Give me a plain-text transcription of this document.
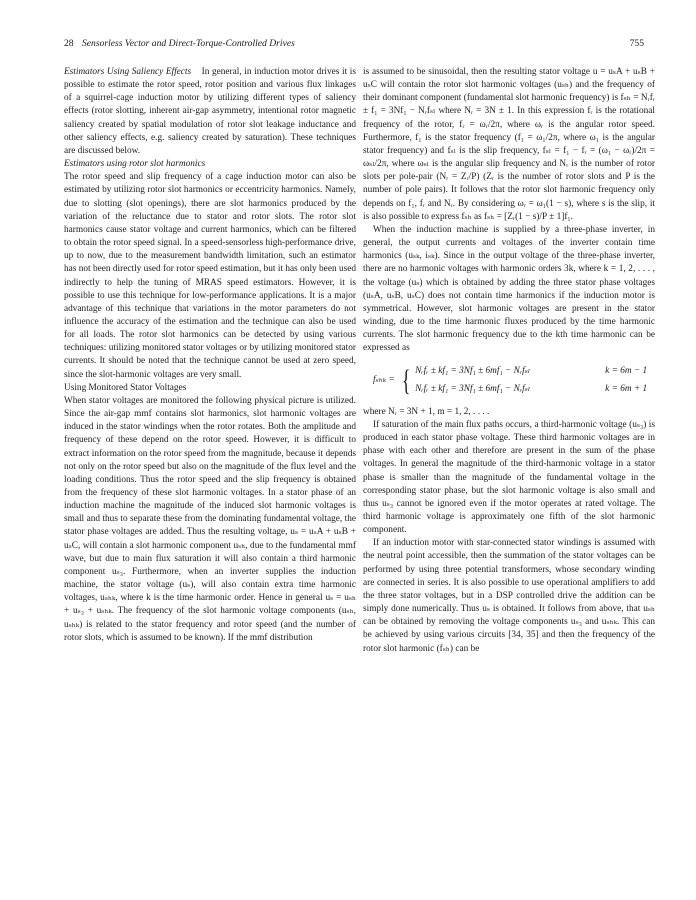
28 Sensorless Vector and Direct-Torque-Controlled Drives	755

Estimators Using Saliency Effects In general, in induction motor drives it is possible to estimate the rotor speed, rotor position and various flux linkages of a squirrel-cage induction motor by utilizing different types of saliency effects (rotor slotting, inherent air-gap asymmetry, intentional rotor magnetic saliency created by spatial modulation of rotor slot leakage inductance and other saliency effects, e.g. saliency created by saturation). These techniques are discussed below.

Estimators using rotor slot harmonics

The rotor speed and slip frequency of a cage induction motor can also be estimated by utilizing rotor slot harmonics or eccentricity harmonics. Namely, due to slotting (slot openings), there are slot harmonics produced by the variation of the reluctance due to stator and rotor slots. The rotor slot harmonics cause stator voltage and current harmonics, which can be filtered to obtain the rotor speed signal. In a speed-sensorless high-performance drive, up to now, due to the measurement bandwidth limitation, such an estimator has not been directly used for rotor speed estimation, but it has only been used indirectly to help the tuning of MRAS speed estimators. However, it is possible to use this technique for low-performance applications. It is a major advantage of this technique that variations in the motor parameters do not influence the accuracy of the estimation and the technique can also be used for all loads. The rotor slot harmonics can be detected by using various techniques: utilizing monitored stator voltages or by utilizing monitored stator currents. It should be noted that the technique cannot be used at zero speed, since the slot-harmonic voltages are very small.

Using Monitored Stator Voltages

When stator voltages are monitored the following physical picture is utilized. Since the air-gap mmf contains slot harmonics, slot harmonic voltages are induced in the stator windings when the rotor rotates. Both the amplitude and frequency of these depend on the rotor speed. However, it is difficult to extract information on the rotor speed from the magnitude, because it depends not only on the rotor speed but also on the magnitude of the flux level and the loading conditions. Thus the rotor speed and the slip frequency is obtained from the frequency of these slot harmonic voltages. In a stator phase of an induction machine the magnitude of the induced slot harmonic voltages is small and thus to separate these from the dominating fundamental voltage, the stator phase voltages are added. Thus the resulting voltage, uₛ = uₛA + uₛB + uₛC, will contain a slot harmonic component uₛₕ, due to the fundamental mmf wave, but due to main flux saturation it will also contain a third harmonic component uₛ₃. Furthermore, when an inverter supplies the induction machine, the stator voltage (uₛ), will also contain extra time harmonic voltages, uₛₕₖ, where k is the time harmonic order. Hence in general uₛ = uₛₕ + uₛ₃ + uₛₕₖ. The frequency of the slot harmonic voltage components (uₛₕ, uₛₕₖ) is related to the stator frequency and rotor speed (and the number of rotor slots, which is assumed to be known). If the mmf distribution

is assumed to be sinusoidal, then the resulting stator voltage u = uₛA + uₛB + uₛC will contain the rotor slot harmonic voltages (uₛₕ) and the frequency of their dominant component (fundamental slot harmonic frequency) is fₛₕ = Nᵣfᵣ ± f₁ = 3Nf₁ − Nᵣfₛₗ where Nᵣ = 3N ± 1. In this expression fᵣ is the rotational frequency of the rotor, fᵣ = ωᵣ/2π, where ωᵣ is the angular rotor speed. Furthermore, f₁ is the stator frequency (f₁ = ω₁/2π, where ω₁ is the angular stator frequency) and fₛₗ is the slip frequency, fₛₗ = f₁ − fᵣ = (ω₁ − ωᵣ)/2π = ωₛₗ/2π, where ωₛₗ is the angular slip frequency and Nᵣ is the number of rotor slots per pole-pair (Nᵣ = Zᵣ/P) (Zᵣ is the number of rotor slots and P is the number of pole pairs). It follows that the rotor slot harmonic frequency only depends on f₁, fᵣ and Nᵣ. By considering ωᵣ = ω₁(1 − s), where s is the slip, it is also possible to express fₛₕ as fₛₕ = [Zᵣ(1 − s)/P ± 1]f₁.

When the induction machine is supplied by a three-phase inverter, in general, the output currents and voltages of the inverter contain time harmonics (uₛₖ, iₛₖ). Since in the output voltage of the three-phase inverter, there are no harmonic voltages with harmonic orders 3k, where k = 1, 2, . . . , the voltage (uₛ) which is obtained by adding the three stator phase voltages (uₛA, uₛB, uₛC) does not contain time harmonics if the induction motor is symmetrical. However, slot harmonic voltages are present in the stator winding, due to the time harmonic fluxes produced by the time harmonic currents. The slot harmonic frequency due to the kth time harmonic can be expressed as

fₛₕₖ = { Nᵣfᵣ ± kf₁ = 3Nf₁ ± 6mf₁ − Nᵣfₛₗ	k = 6m − 1
Nᵣfᵣ ± kf₁ = 3Nf₁ ± 6mf₁ − Nᵣfₛₗ	k = 6m + 1

where Nᵣ = 3N + 1, m = 1, 2, . . . .

If saturation of the main flux paths occurs, a third-harmonic voltage (uₛ₃) is produced in each stator phase voltage. These third harmonic voltages are in phase with each other and therefore are present in the sum of the phase voltages. In general the magnitude of the third-harmonic voltage in a stator phase is smaller than the magnitude of the fundamental voltage in the corresponding stator phase, but the slot harmonic voltage is also small and thus uₛ₃ cannot be ignored even if the motor operates at rated voltage. The third harmonic voltage is approximately one fifth of the slot harmonic component.

If an induction motor with star-connected stator windings is assumed with the neutral point accessible, then the summation of the stator voltages can be performed by using three potential transformers, whose secondary winding are connected in series. It is also possible to use operational amplifiers to add the three stator voltages, but in a DSP controlled drive the addition can be simply done numerically. Thus uₛ is obtained. It follows from above, that uₛₕ can be obtained by removing the voltage components uₛ₃ and uₛₕₖ. This can be achieved by using various circuits [34, 35] and then the frequency of the rotor slot harmonic (fₛₕ) can be
